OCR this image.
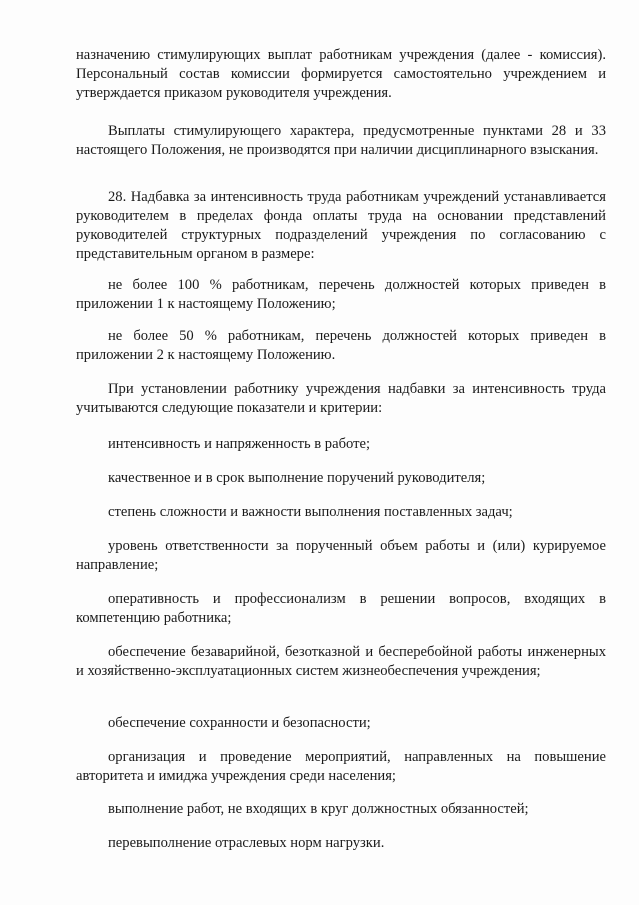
назначению стимулирующих выплат работникам учреждения (далее - комиссия). Персональный состав комиссии формируется самостоятельно учреждением и утверждается приказом руководителя учреждения.

Выплаты стимулирующего характера, предусмотренные пунктами 28 и 33 настоящего Положения, не производятся при наличии дисциплинарного взыскания.

28. Надбавка за интенсивность труда работникам учреждений устанавливается руководителем в пределах фонда оплаты труда на основании представлений руководителей структурных подразделений учреждения по согласованию с представительным органом в размере:

не более 100 % работникам, перечень должностей которых приведен в приложении 1 к настоящему Положению;

не более 50 % работникам, перечень должностей которых приведен в приложении 2 к настоящему Положению.

При установлении работнику учреждения надбавки за интенсивность труда учитываются следующие показатели и критерии:

интенсивность и напряженность в работе;

качественное и в срок выполнение поручений руководителя;

степень сложности и важности выполнения поставленных задач;

уровень ответственности за порученный объем работы и (или) курируемое направление;

оперативность и профессионализм в решении вопросов, входящих в компетенцию работника;

обеспечение безаварийной, безотказной и бесперебойной работы инженерных и хозяйственно-эксплуатационных систем жизнеобеспечения учреждения;

обеспечение сохранности и безопасности;

организация и проведение мероприятий, направленных на повышение авторитета и имиджа учреждения среди населения;

выполнение работ, не входящих в круг должностных обязанностей;

перевыполнение отраслевых норм нагрузки.
